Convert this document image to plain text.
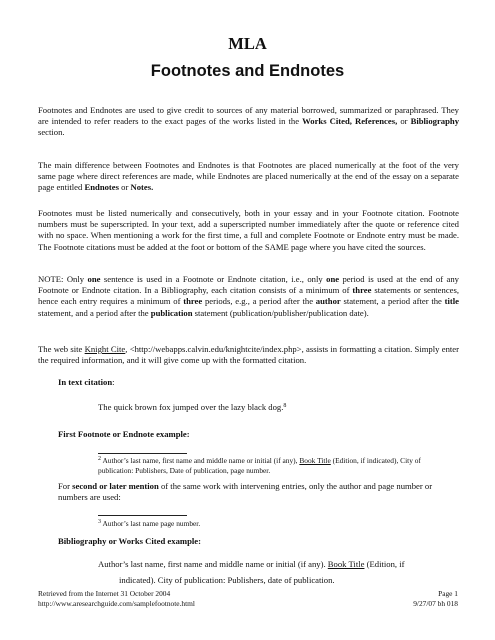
MLA
Footnotes and Endnotes

Footnotes and Endnotes are used to give credit to sources of any material borrowed, summarized or paraphrased. They are intended to refer readers to the exact pages of the works listed in the Works Cited, References, or Bibliography section.

The main difference between Footnotes and Endnotes is that Footnotes are placed numerically at the foot of the very same page where direct references are made, while Endnotes are placed numerically at the end of the essay on a separate page entitled Endnotes or Notes.

Footnotes must be listed numerically and consecutively, both in your essay and in your Footnote citation. Footnote numbers must be superscripted. In your text, add a superscripted number immediately after the quote or reference cited with no space. When mentioning a work for the first time, a full and complete Footnote or Endnote entry must be made. The Footnote citations must be added at the foot or bottom of the SAME page where you have cited the sources.

NOTE: Only one sentence is used in a Footnote or Endnote citation, i.e., only one period is used at the end of any Footnote or Endnote citation. In a Bibliography, each citation consists of a minimum of three statements or sentences, hence each entry requires a minimum of three periods, e.g., a period after the author statement, a period after the title statement, and a period after the publication statement (publication/publisher/publication date).

The web site Knight Cite, <http://webapps.calvin.edu/knightcite/index.php>, assists in formatting a citation. Simply enter the required information, and it will give come up with the formatted citation.

In text citation:

The quick brown fox jumped over the lazy black dog.$^8$

First Footnote or Endnote example:

$^2$ Author’s last name, first name and middle name or initial (if any), Book Title (Edition, if indicated), City of publication: Publishers, Date of publication, page number.

For second or later mention of the same work with intervening entries, only the author and page number or numbers are used:

$^3$ Author’s last name page number.

Bibliography or Works Cited example:

Author’s last name, first name and middle name or initial (if any). Book Title (Edition, if
indicated). City of publication: Publishers, date of publication.
Retrieved from the Internet 31 October 2004
http://www.aresearchguide.com/samplefootnote.html
Page 1
9/27/07 bh 018
